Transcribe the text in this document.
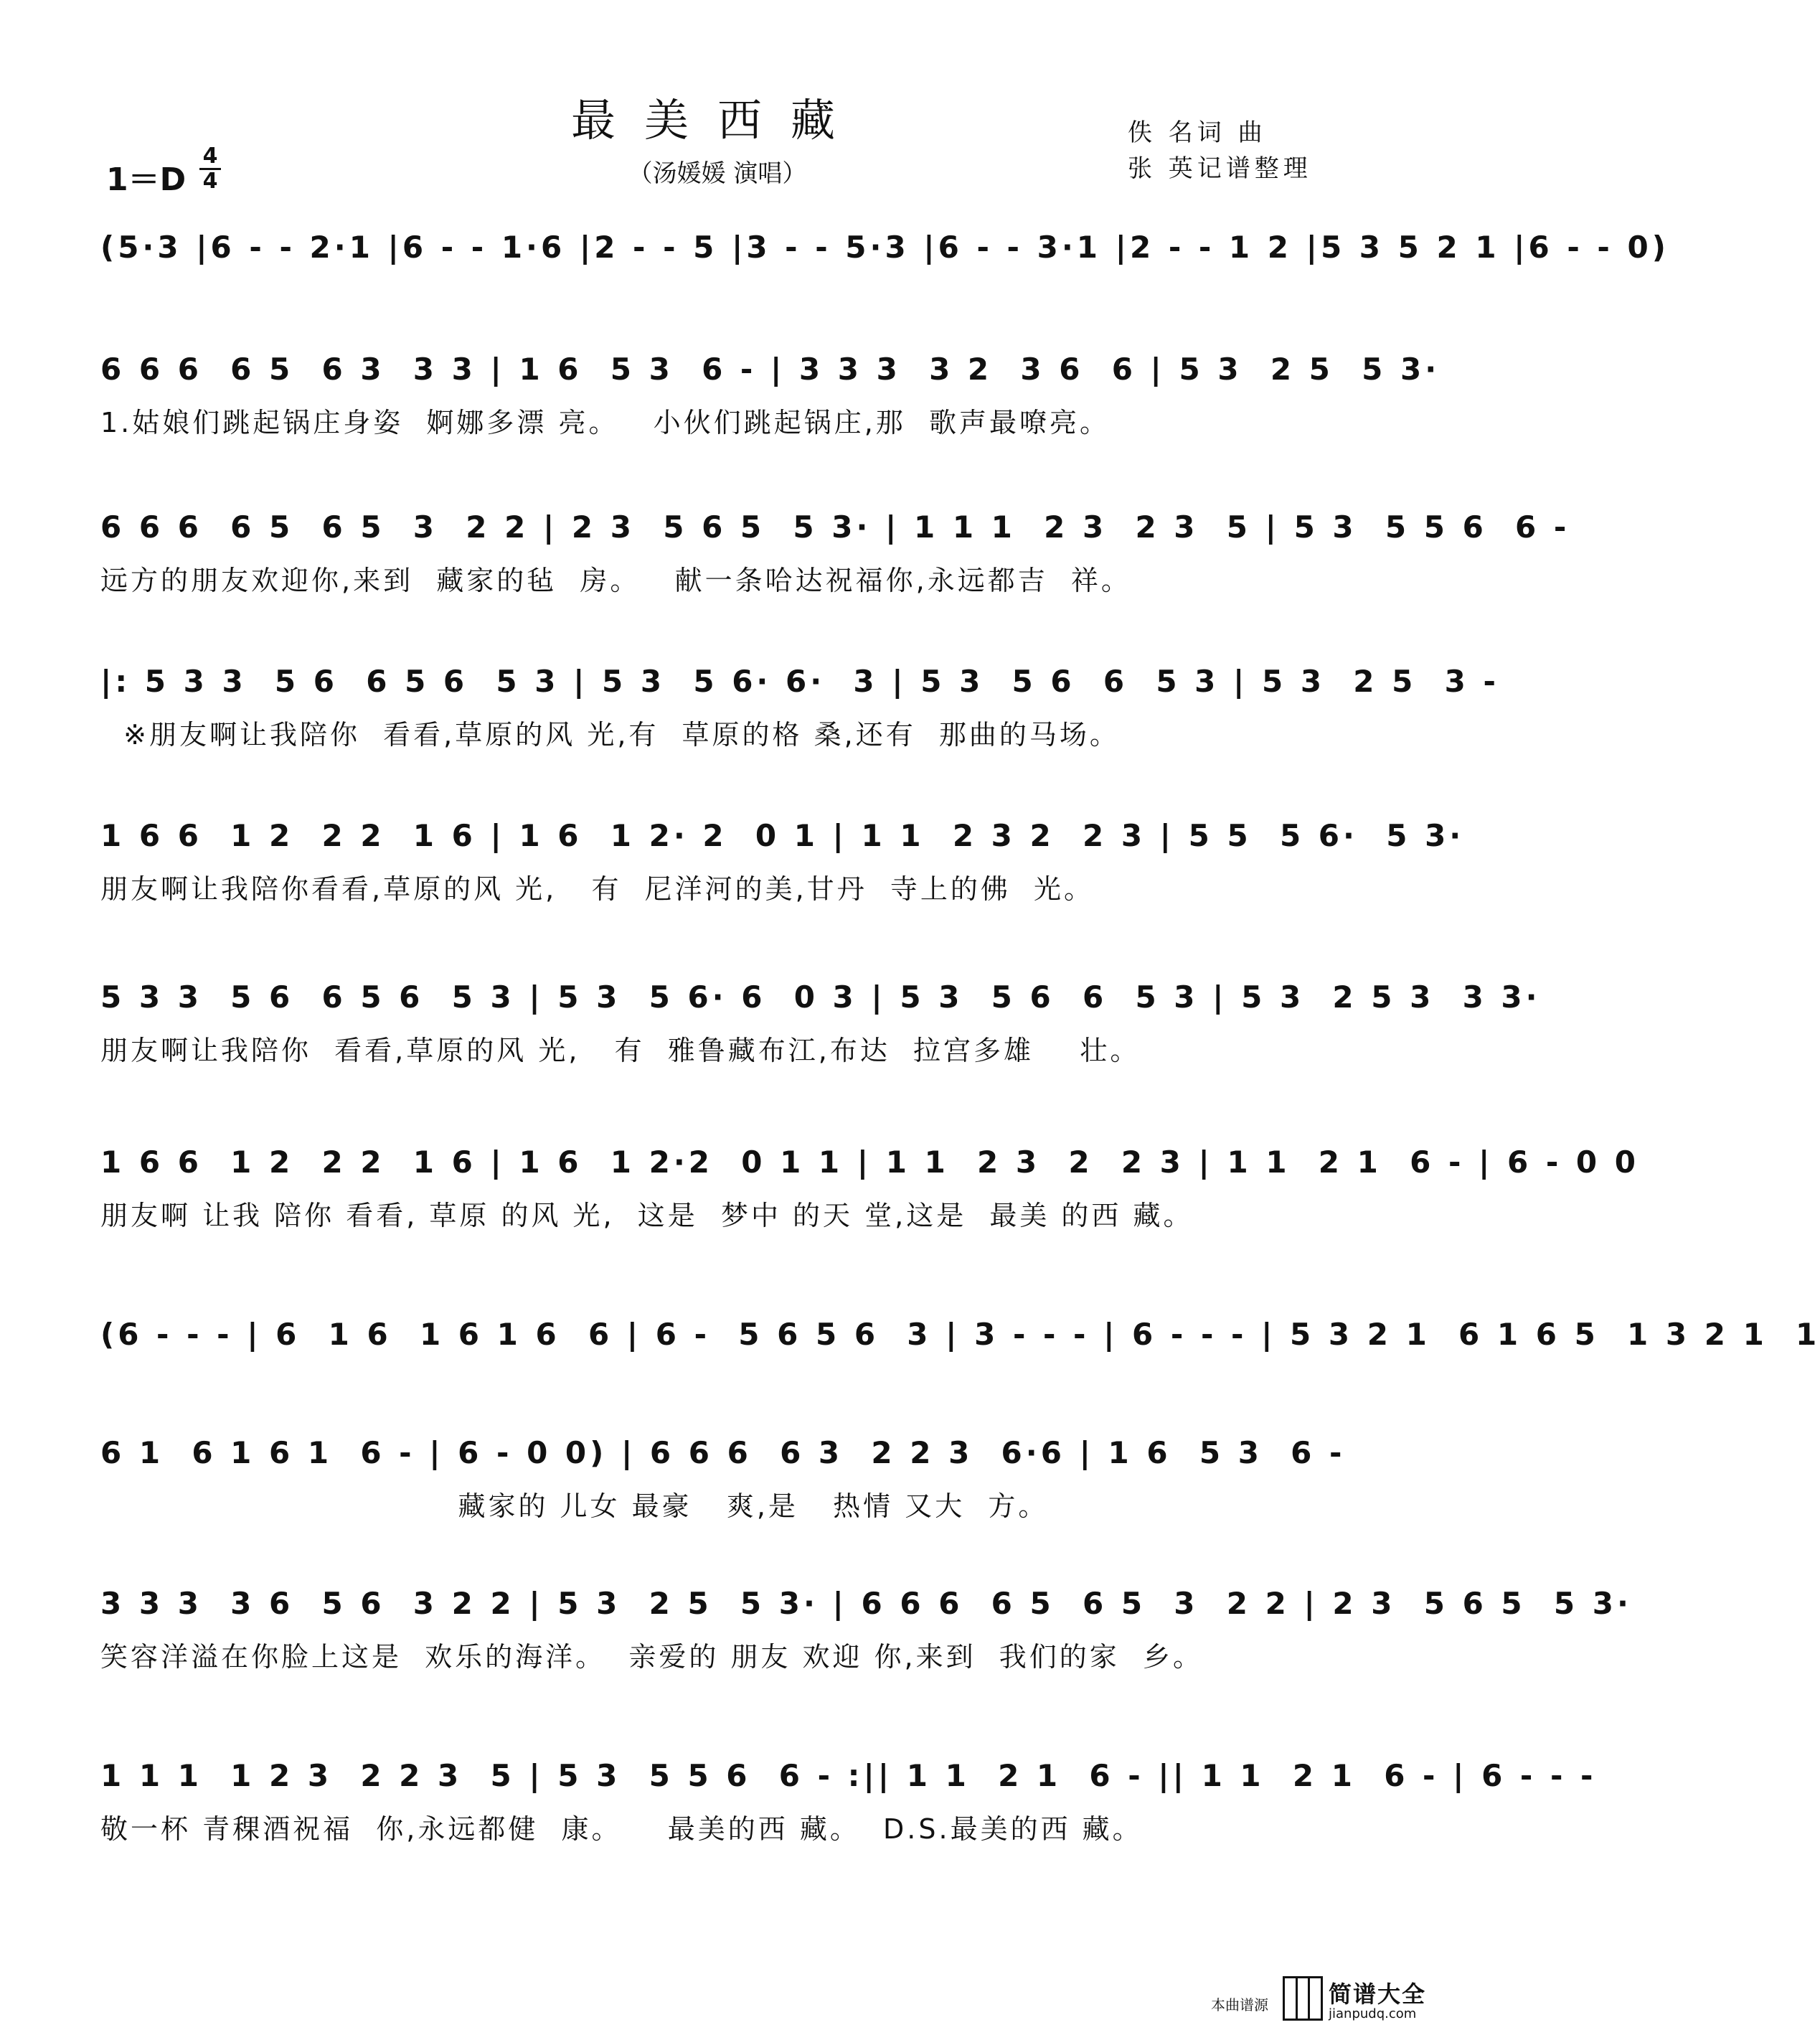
最美西藏
（汤媛媛 演唱）
佚 名词 曲
张 英记谱整理
1＝D
4
4
(5·3 |6 - - 2·1 |6 - - 1·6 |2 - - 5 |3 - - 5·3 |6 - - 3·1 |2 - - 1 2 |5 3 5 2 1 |6 - - 0)
6 6 6  6 5  6 3  3 3 | 1 6  5 3  6 - | 3 3 3  3 2  3 6  6 | 5 3  2 5  5 3·
1.姑娘们跳起锅庄身姿  婀娜多漂 亮。   小伙们跳起锅庄,那  歌声最嘹亮。
6 6 6  6 5  6 5  3  2 2 | 2 3  5 6 5  5 3· | 1 1 1  2 3  2 3  5 | 5 3  5 5 6  6 -
远方的朋友欢迎你,来到  藏家的毡  房。   献一条哈达祝福你,永远都吉  祥。
|: 5 3 3  5 6  6 5 6  5 3 | 5 3  5 6· 6·  3 | 5 3  5 6  6  5 3 | 5 3  2 5  3 -
※朋友啊让我陪你  看看,草原的风 光,有  草原的格 桑,还有  那曲的马场。
1 6 6  1 2  2 2  1 6 | 1 6  1 2· 2  0 1 | 1 1  2 3 2  2 3 | 5 5  5 6·  5 3·
朋友啊让我陪你看看,草原的风 光,   有  尼洋河的美,甘丹  寺上的佛  光。
5 3 3  5 6  6 5 6  5 3 | 5 3  5 6· 6  0 3 | 5 3  5 6  6  5 3 | 5 3  2 5 3  3 3·
朋友啊让我陪你  看看,草原的风 光,   有  雅鲁藏布江,布达  拉宫多雄    壮。
1 6 6  1 2  2 2  1 6 | 1 6  1 2·2  0 1 1 | 1 1  2 3  2  2 3 | 1 1  2 1  6 - | 6 - 0 0
朋友啊 让我 陪你 看看, 草原 的风 光,  这是  梦中 的天 堂,这是  最美 的西 藏。
(6 - - - | 6  1 6  1 6 1 6  6 | 6 -  5 6 5 6  3 | 3 - - - | 6 - - - | 5 3 2 1  6 1 6 5  1 3 2 1  1
6 1  6 1 6 1  6 - | 6 - 0 0) | 6 6 6  6 3  2 2 3  6·6 | 1 6  5 3  6 -
藏家的 儿女 最豪   爽,是   热情 又大  方。
3 3 3  3 6  5 6  3 2 2 | 5 3  2 5  5 3· | 6 6 6  6 5  6 5  3  2 2 | 2 3  5 6 5  5 3·
笑容洋溢在你脸上这是  欢乐的海洋。  亲爱的 朋友 欢迎 你,来到  我们的家  乡。
1 1 1  1 2 3  2 2 3  5 | 5 3  5 5 6  6 - :|| 1 1  2 1  6 - || 1 1  2 1  6 - | 6 - - -
敬一杯 青稞酒祝福  你,永远都健  康。    最美的西 藏。  D.S.最美的西 藏。
本曲谱源	简谱大全
jianpudq.com
